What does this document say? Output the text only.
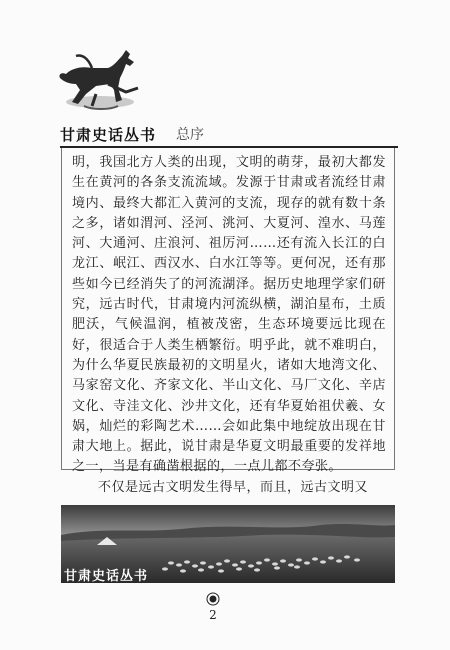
甘肃史话丛书 总序

明，我国北方人类的出现，文明的萌芽，最初大都发生在黄河的各条支流流域。发源于甘肃或者流经甘肃境内、最终大都汇入黄河的支流，现存的就有数十条之多，诸如渭河、泾河、洮河、大夏河、湟水、马莲河、大通河、庄浪河、祖厉河……还有流入长江的白龙江、岷江、西汉水、白水江等等。更何况，还有那些如今已经消失了的河流湖泽。据历史地理学家们研究，远古时代，甘肃境内河流纵横，湖泊星布，土质肥沃，气候温润，植被茂密，生态环境要远比现在好，很适合于人类生栖繁衍。明乎此，就不难明白，为什么华夏民族最初的文明星火，诸如大地湾文化、马家窑文化、齐家文化、半山文化、马厂文化、辛店文化、寺洼文化、沙井文化，还有华夏始祖伏羲、女娲，灿烂的彩陶艺术……会如此集中地绽放出现在甘肃大地上。据此，说甘肃是华夏文明最重要的发祥地之一，当是有确凿根据的，一点儿都不夸张。

不仅是远古文明发生得早，而且，远古文明又

甘肃史话丛书
2
